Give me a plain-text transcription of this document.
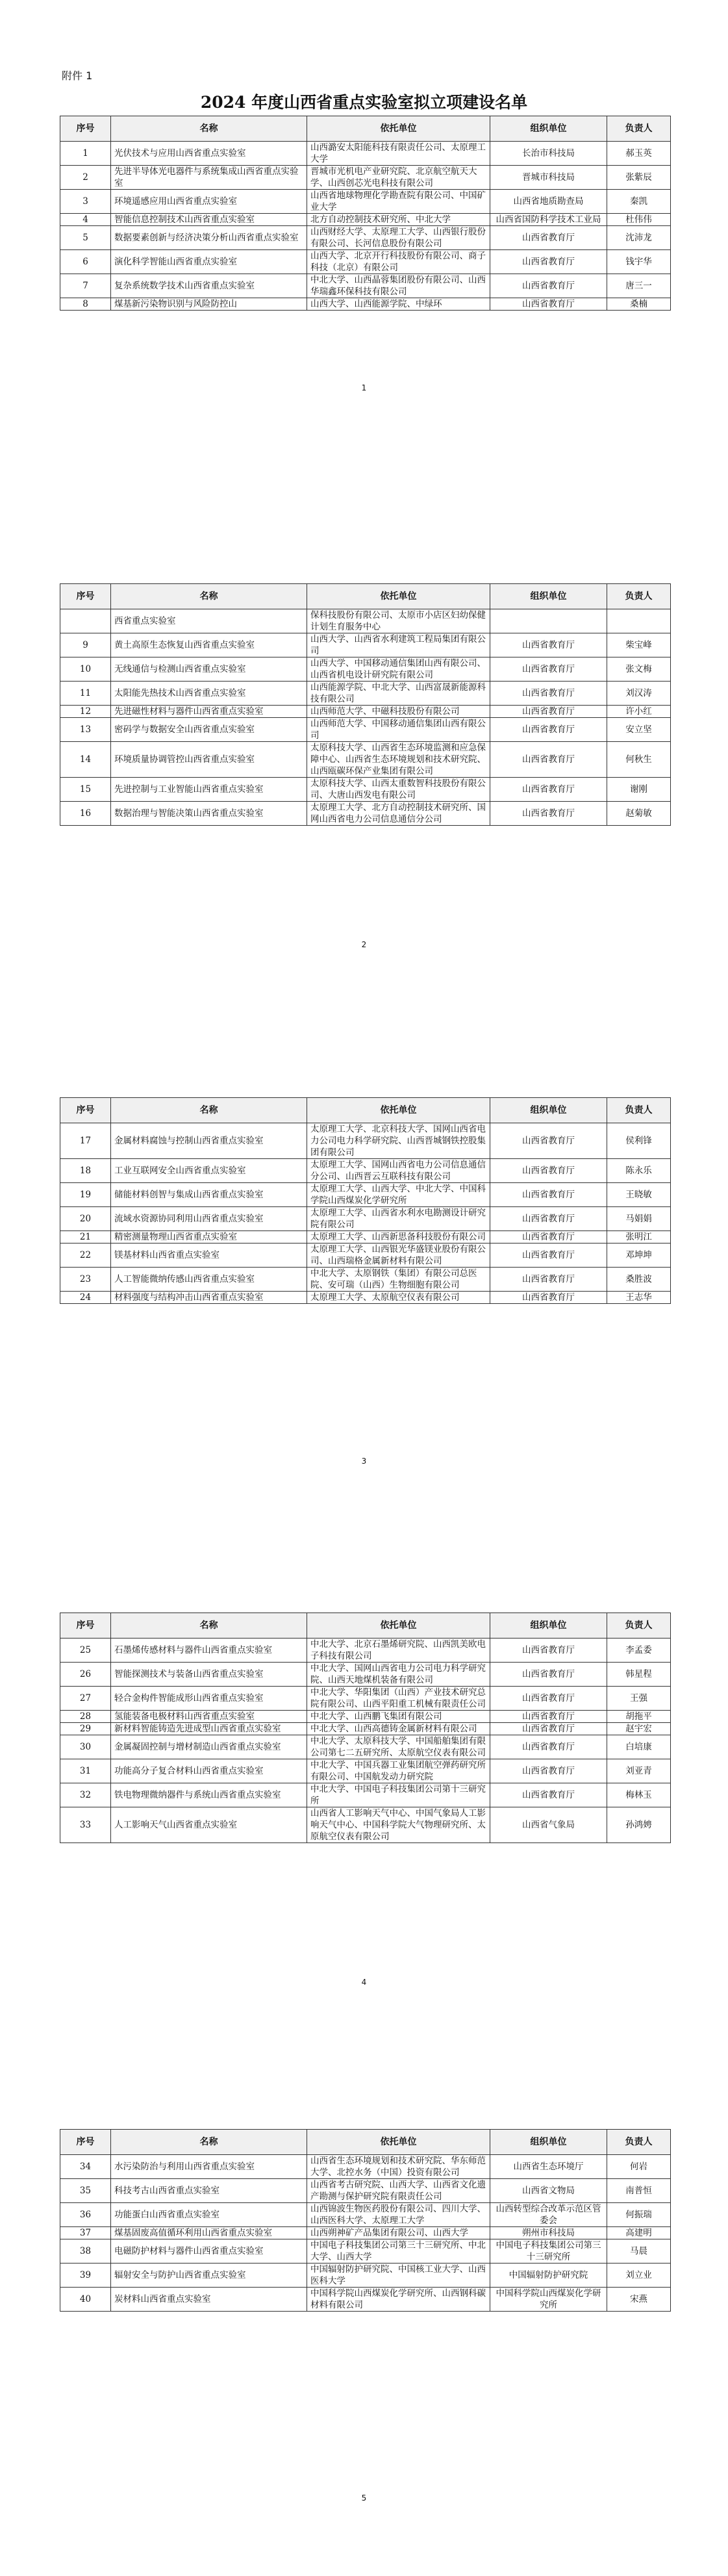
附件 1
2024 年度山西省重点实验室拟立项建设名单
序号	名称	依托单位	组织单位	负责人
1	光伏技术与应用山西省重点实验室	山西潞安太阳能科技有限责任公司、太原理工大学	长治市科技局	郝玉英
2	先进半导体光电器件与系统集成山西省重点实验室	晋城市光机电产业研究院、北京航空航天大学、山西创芯光电科技有限公司	晋城市科技局	张紫辰
3	环境遥感应用山西省重点实验室	山西省地球物理化学勘查院有限公司、中国矿业大学	山西省地质勘查局	秦凯
4	智能信息控制技术山西省重点实验室	北方自动控制技术研究所、中北大学	山西省国防科学技术工业局	杜伟伟
5	数据要素创新与经济决策分析山西省重点实验室	山西财经大学、太原理工大学、山西银行股份有限公司、长河信息股份有限公司	山西省教育厅	沈沛龙
6	演化科学智能山西省重点实验室	山西大学、北京开行科技股份有限公司、商子科技（北京）有限公司	山西省教育厅	钱宇华
7	复杂系统数学技术山西省重点实验室	中北大学、山西晶蓉集团股份有限公司、山西华瑞鑫环保科技有限公司	山西省教育厅	唐三一
8	煤基新污染物识别与风险防控山	山西大学、山西能源学院、中绿环	山西省教育厅	桑楠
1
序号	名称	依托单位	组织单位	负责人
	西省重点实验室	保科技股份有限公司、太原市小店区妇幼保健计划生育服务中心		
9	黄土高原生态恢复山西省重点实验室	山西大学、山西省水利建筑工程局集团有限公司	山西省教育厅	柴宝峰
10	无线通信与检测山西省重点实验室	山西大学、中国移动通信集团山西有限公司、山西省机电设计研究院有限公司	山西省教育厅	张文梅
11	太阳能先热技术山西省重点实验室	山西能源学院、中北大学、山西富晟新能源科技有限公司	山西省教育厅	刘汉涛
12	先进磁性材料与器件山西省重点实验室	山西师范大学、中磁科技股份有限公司	山西省教育厅	许小红
13	密码学与数据安全山西省重点实验室	山西师范大学、中国移动通信集团山西有限公司	山西省教育厅	安立坚
14	环境质量协调管控山西省重点实验室	太原科技大学、山西省生态环境监测和应急保障中心、山西省生态环境规划和技术研究院、山西瓯碳环保产业集团有限公司	山西省教育厅	何秋生
15	先进控制与工业智能山西省重点实验室	太原科技大学、山西太重数智科技股份有限公司、大唐山西发电有限公司	山西省教育厅	谢刚
16	数据治理与智能决策山西省重点实验室	太原理工大学、北方自动控制技术研究所、国网山西省电力公司信息通信分公司	山西省教育厅	赵菊敏
2
序号	名称	依托单位	组织单位	负责人
17	金属材料腐蚀与控制山西省重点实验室	太原理工大学、北京科技大学、国网山西省电力公司电力科学研究院、山西晋城钢铁控股集团有限公司	山西省教育厅	侯利锋
18	工业互联网安全山西省重点实验室	太原理工大学、国网山西省电力公司信息通信分公司、山西晋云互联科技有限公司	山西省教育厅	陈永乐
19	储能材料创智与集成山西省重点实验室	太原理工大学、山西大学、中北大学、中国科学院山西煤炭化学研究所	山西省教育厅	王晓敏
20	流域水资源协同利用山西省重点实验室	太原理工大学、山西省水利水电勘测设计研究院有限公司	山西省教育厅	马娟娟
21	精密测量物理山西省重点实验室	太原理工大学、山西新思备科技股份有限公司	山西省教育厅	张明江
22	镁基材料山西省重点实验室	太原理工大学、山西银光华盛镁业股份有限公司、山西瑞格金属新材料有限公司	山西省教育厅	邓坤坤
23	人工智能微纳传感山西省重点实验室	中北大学、太原钢铁（集团）有限公司总医院、安可瑞（山西）生物细胞有限公司	山西省教育厅	桑胜波
24	材料强度与结构冲击山西省重点实验室	太原理工大学、太原航空仪表有限公司	山西省教育厅	王志华
3
序号	名称	依托单位	组织单位	负责人
25	石墨烯传感材料与器件山西省重点实验室	中北大学、北京石墨烯研究院、山西凯美欧电子科技有限公司	山西省教育厅	李孟委
26	智能探测技术与装备山西省重点实验室	中北大学、国网山西省电力公司电力科学研究院、山西天地煤机装备有限公司	山西省教育厅	韩星程
27	轻合金构件智能成形山西省重点实验室	中北大学、华阳集团（山西）产业技术研究总院有限公司、山西平阳重工机械有限责任公司	山西省教育厅	王强
28	氢能装备电极材料山西省重点实验室	中北大学、山西鹏飞集团有限公司	山西省教育厅	胡拖平
29	新材料智能铸造先进成型山西省重点实验室	中北大学、山西高德铸金属新材料有限公司	山西省教育厅	赵宇宏
30	金属凝固控制与增材制造山西省重点实验室	中北大学、太原科技大学、中国船舶集团有限公司第七二五研究所、太原航空仪表有限公司	山西省教育厅	白培康
31	功能高分子复合材料山西省重点实验室	中北大学、中国兵器工业集团航空弹药研究所有限公司、中国航发动力研究院	山西省教育厅	刘亚青
32	铁电物理微纳器件与系统山西省重点实验室	中北大学、中国电子科技集团公司第十三研究所	山西省教育厅	梅林玉
33	人工影响天气山西省重点实验室	山西省人工影响天气中心、中国气象局人工影响天气中心、中国科学院大气物理研究所、太原航空仪表有限公司	山西省气象局	孙鸿娉
4
序号	名称	依托单位	组织单位	负责人
34	水污染防治与利用山西省重点实验室	山西省生态环境规划和技术研究院、华东师范大学、北控水务（中国）投资有限公司	山西省生态环境厅	何岩
35	科技考古山西省重点实验室	山西省考古研究院、山西大学、山西省文化遗产勘测与保护研究院有限责任公司	山西省文物局	南普恒
36	功能蛋白山西省重点实验室	山西锦波生物医药股份有限公司、四川大学、山西医科大学、太原理工大学	山西转型综合改革示范区管委会	何振瑞
37	煤基固废高值循环利用山西省重点实验室	山西朔神矿产品集团有限公司、山西大学	朔州市科技局	高建明
38	电磁防护材料与器件山西省重点实验室	中国电子科技集团公司第三十三研究所、中北大学、山西大学	中国电子科技集团公司第三十三研究所	马晨
39	辐射安全与防护山西省重点实验室	中国辐射防护研究院、中国核工业大学、山西医科大学	中国辐射防护研究院	刘立业
40	炭材料山西省重点实验室	中国科学院山西煤炭化学研究所、山西钢科碳材料有限公司	中国科学院山西煤炭化学研究所	宋燕
5
